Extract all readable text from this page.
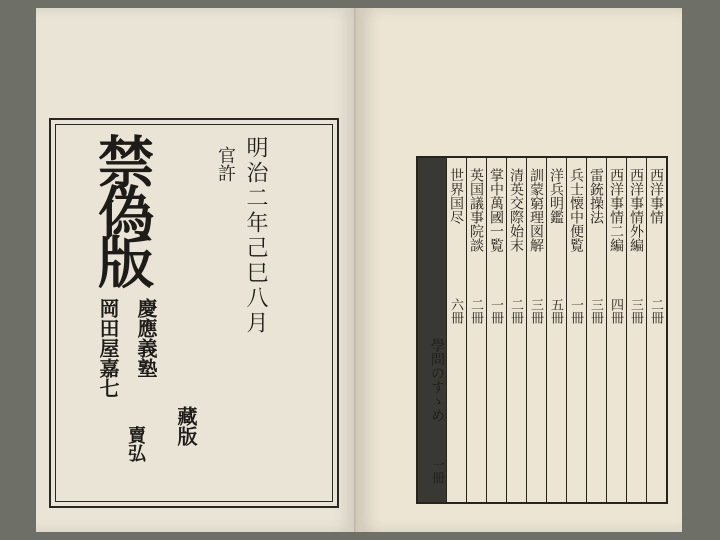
禁偽版	明治二年己巳八月
官許
慶應義塾
岡田屋嘉七
藏版
賣弘
西洋事情
二冊
西洋事情外編
三冊
西洋事情二編
四冊
雷銃操法
三冊
兵士懐中便覧
一冊
洋兵明鑑
五冊
訓蒙窮理図解
三冊
清英交際始末
二冊
掌中萬國一覧
一冊
英国議事院談
二冊
世界国尽
六冊
學問のすゝめ
一冊
